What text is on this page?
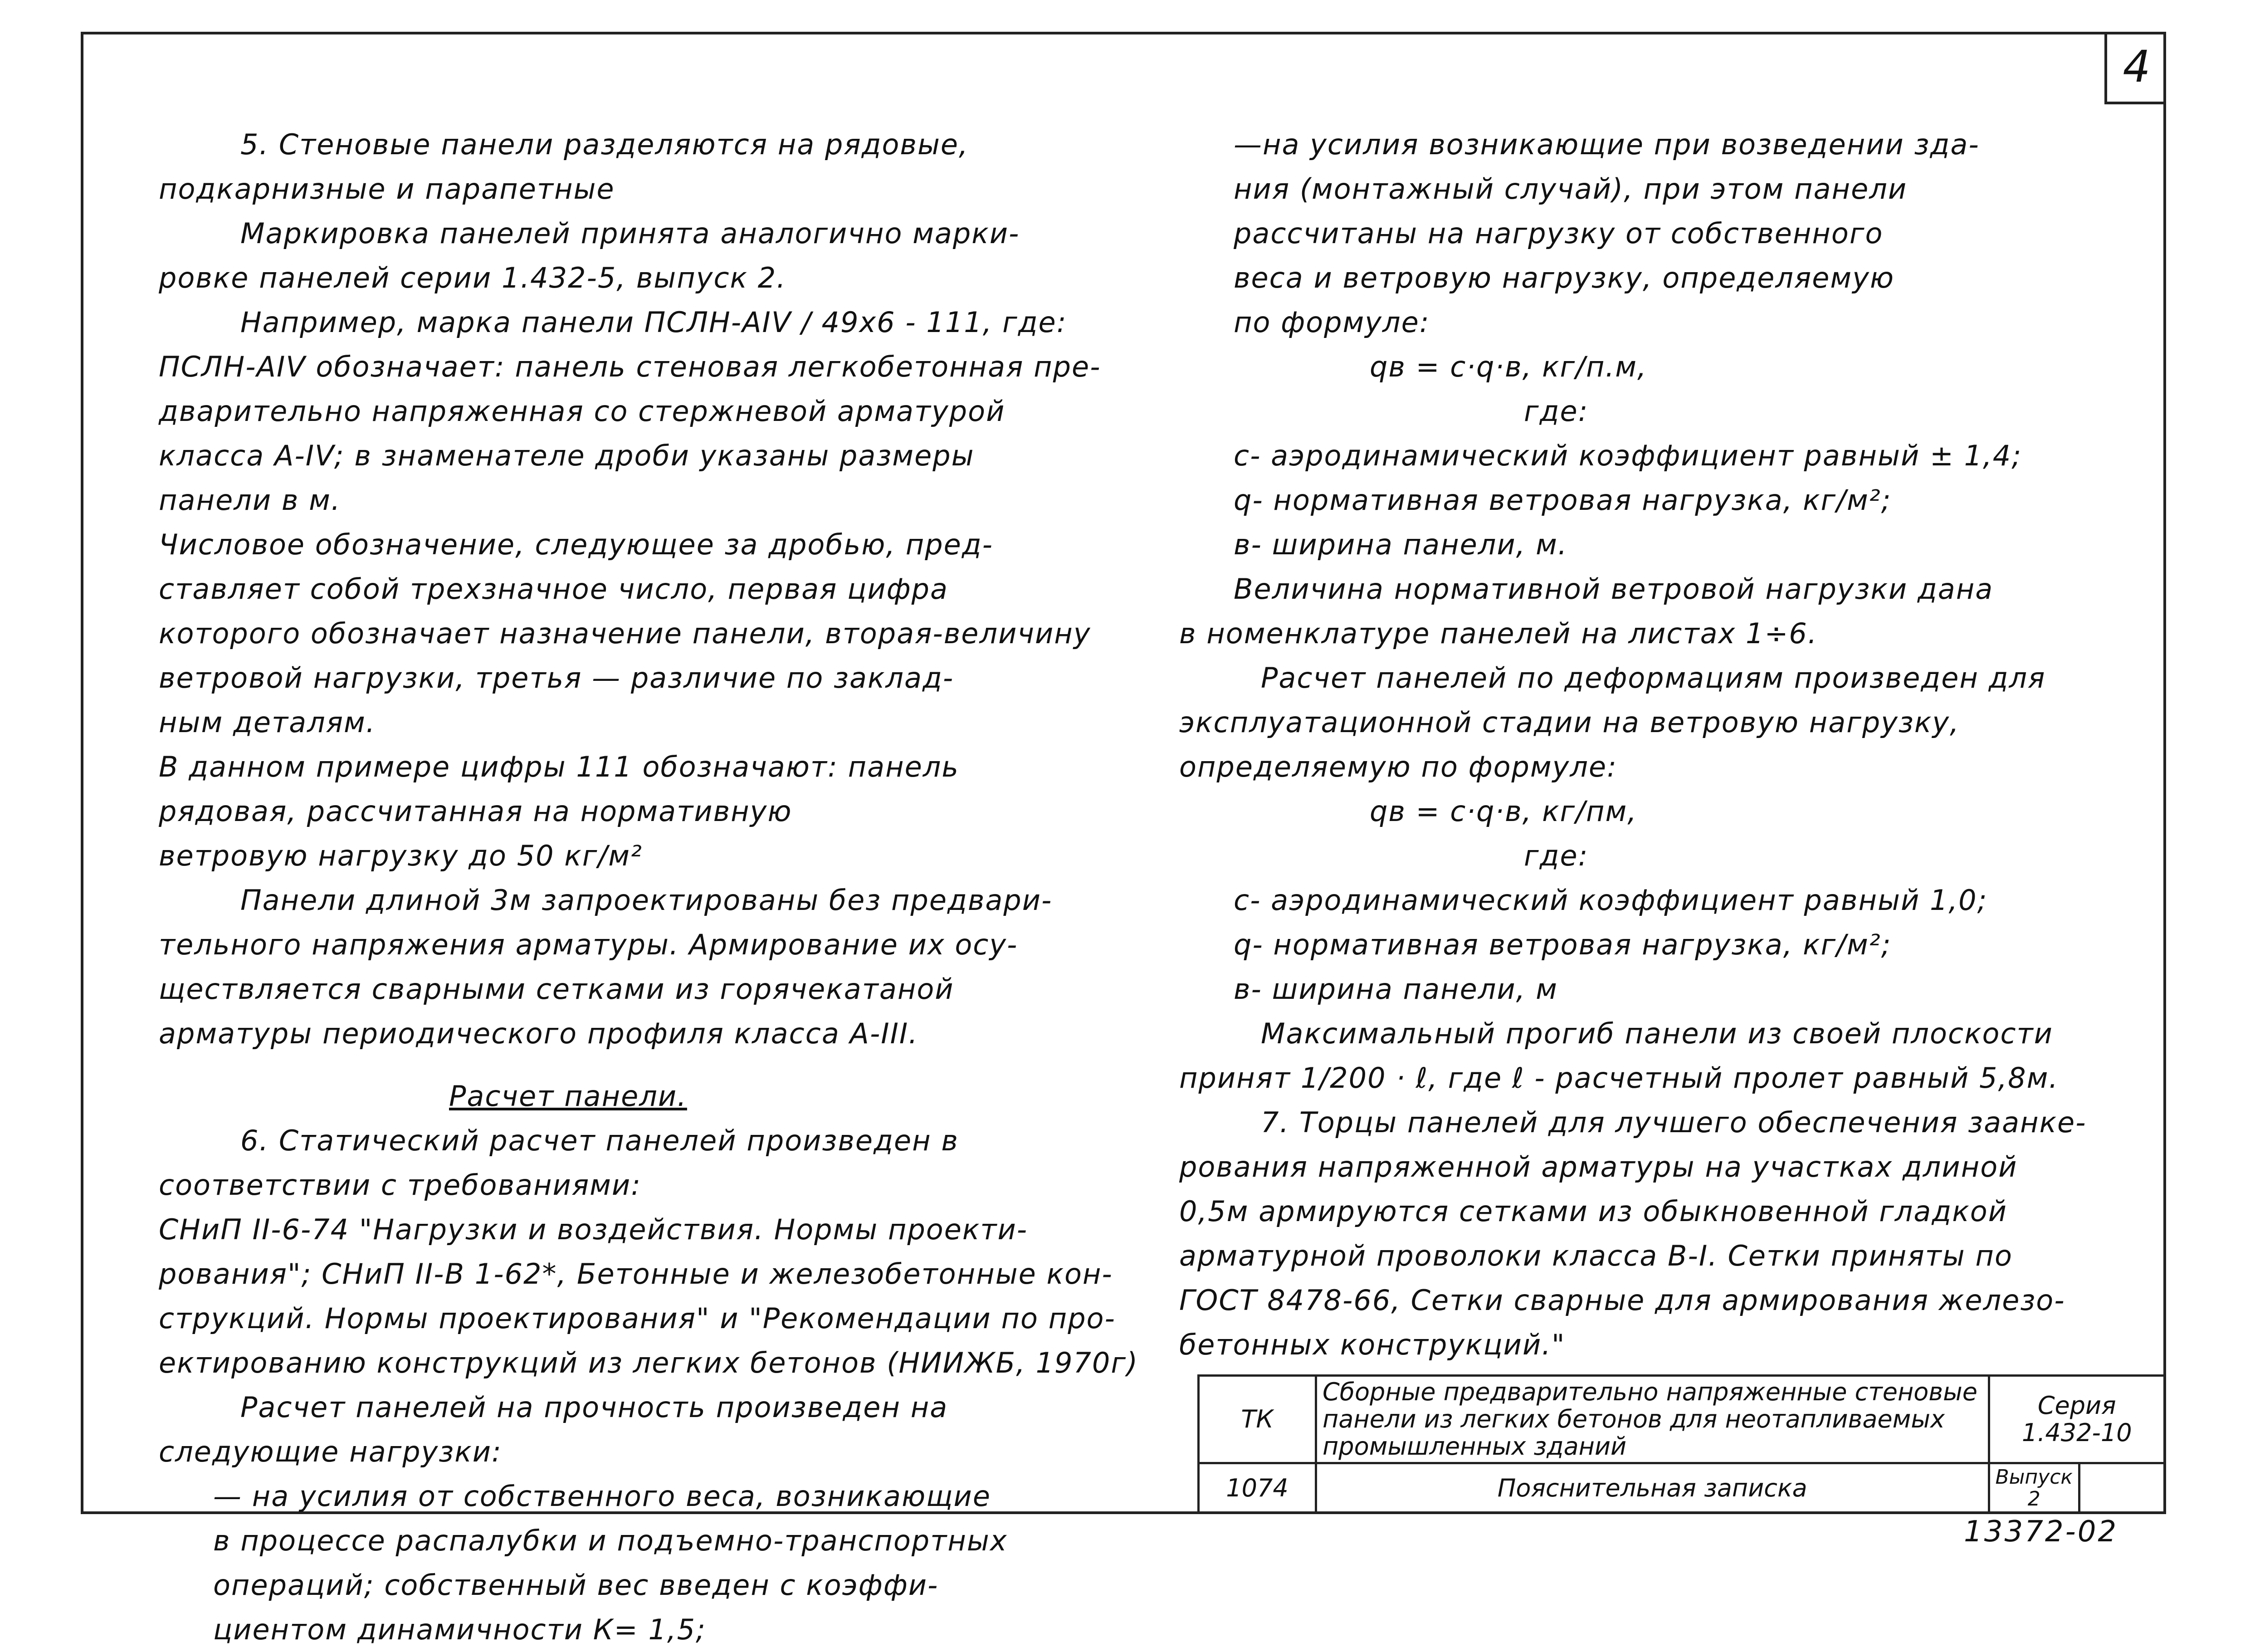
4

5. Стеновые панели разделяются на рядовые,

подкарнизные и парапетные

Маркировка панелей принята аналогично марки-

ровке панелей серии 1.432-5, выпуск 2.

Например, марка панели ПСЛН-АIV / 49х6 - 111, где:

ПСЛН-АIV обозначает: панель стеновая легкобетонная пре-

дварительно напряженная со стержневой арматурой

класса А-IV; в знаменателе дроби указаны размеры

панели в м.

Числовое обозначение, следующее за дробью, пред-

ставляет собой трехзначное число, первая цифра

которого обозначает назначение панели, вторая-величину

ветровой нагрузки, третья — различие по заклад-

ным деталям.

В данном примере цифры 111 обозначают: панель

рядовая, рассчитанная на нормативную

ветровую нагрузку до 50 кг/м²

Панели длиной 3м запроектированы без предвари-

тельного напряжения арматуры. Армирование их осу-

ществляется сварными сетками из горячекатаной

арматуры периодического профиля класса А-III.

Расчет панели.

6. Статический расчет панелей произведен в

соответствии с требованиями:

СНиП II-6-74 "Нагрузки и воздействия. Нормы проекти-

рования"; СНиП II-В 1-62*, Бетонные и железобетонные кон-

струкций. Нормы проектирования" и "Рекомендации по про-

ектированию конструкций из легких бетонов (НИИЖБ, 1970г)

Расчет панелей на прочность произведен на

следующие нагрузки:

— на усилия от собственного веса, возникающие

в процессе распалубки и подъемно-транспортных

операций; собственный вес введен с коэффи-

циентом динамичности К= 1,5;

—на усилия возникающие при возведении зда-

ния (монтажный случай), при этом панели

рассчитаны на нагрузку от собственного

веса и ветровую нагрузку, определяемую

по формуле:

qв = c·q·в, кг/п.м,

где:

с- аэродинамический коэффициент равный ± 1,4;

q- нормативная ветровая нагрузка, кг/м²;

в- ширина панели, м.

Величина нормативной ветровой нагрузки дана

в номенклатуре панелей на листах 1÷6.

Расчет панелей по деформациям произведен для

эксплуатационной стадии на ветровую нагрузку,

определяемую по формуле:

qв = c·q·в, кг/пм,

где:

с- аэродинамический коэффициент равный 1,0;

q- нормативная ветровая нагрузка, кг/м²;

в- ширина панели, м

Максимальный прогиб панели из своей плоскости

принят 1/200 · ℓ, где ℓ - расчетный пролет равный 5,8м.

7. Торцы панелей для лучшего обеспечения заанке-

рования напряженной арматуры на участках длиной

0,5м армируются сетками из обыкновенной гладкой

арматурной проволоки класса В-I. Сетки приняты по

ГОСТ 8478-66, Сетки сварные для армирования железо-

бетонных конструкций."

ТК	Сборные предварительно напряженные стеновые панели из легких бетонов для неотапливаемых промышленных зданий	Серия
1.432-10	

1074	Пояснительная записка	Выпуск
2	

13372-02
